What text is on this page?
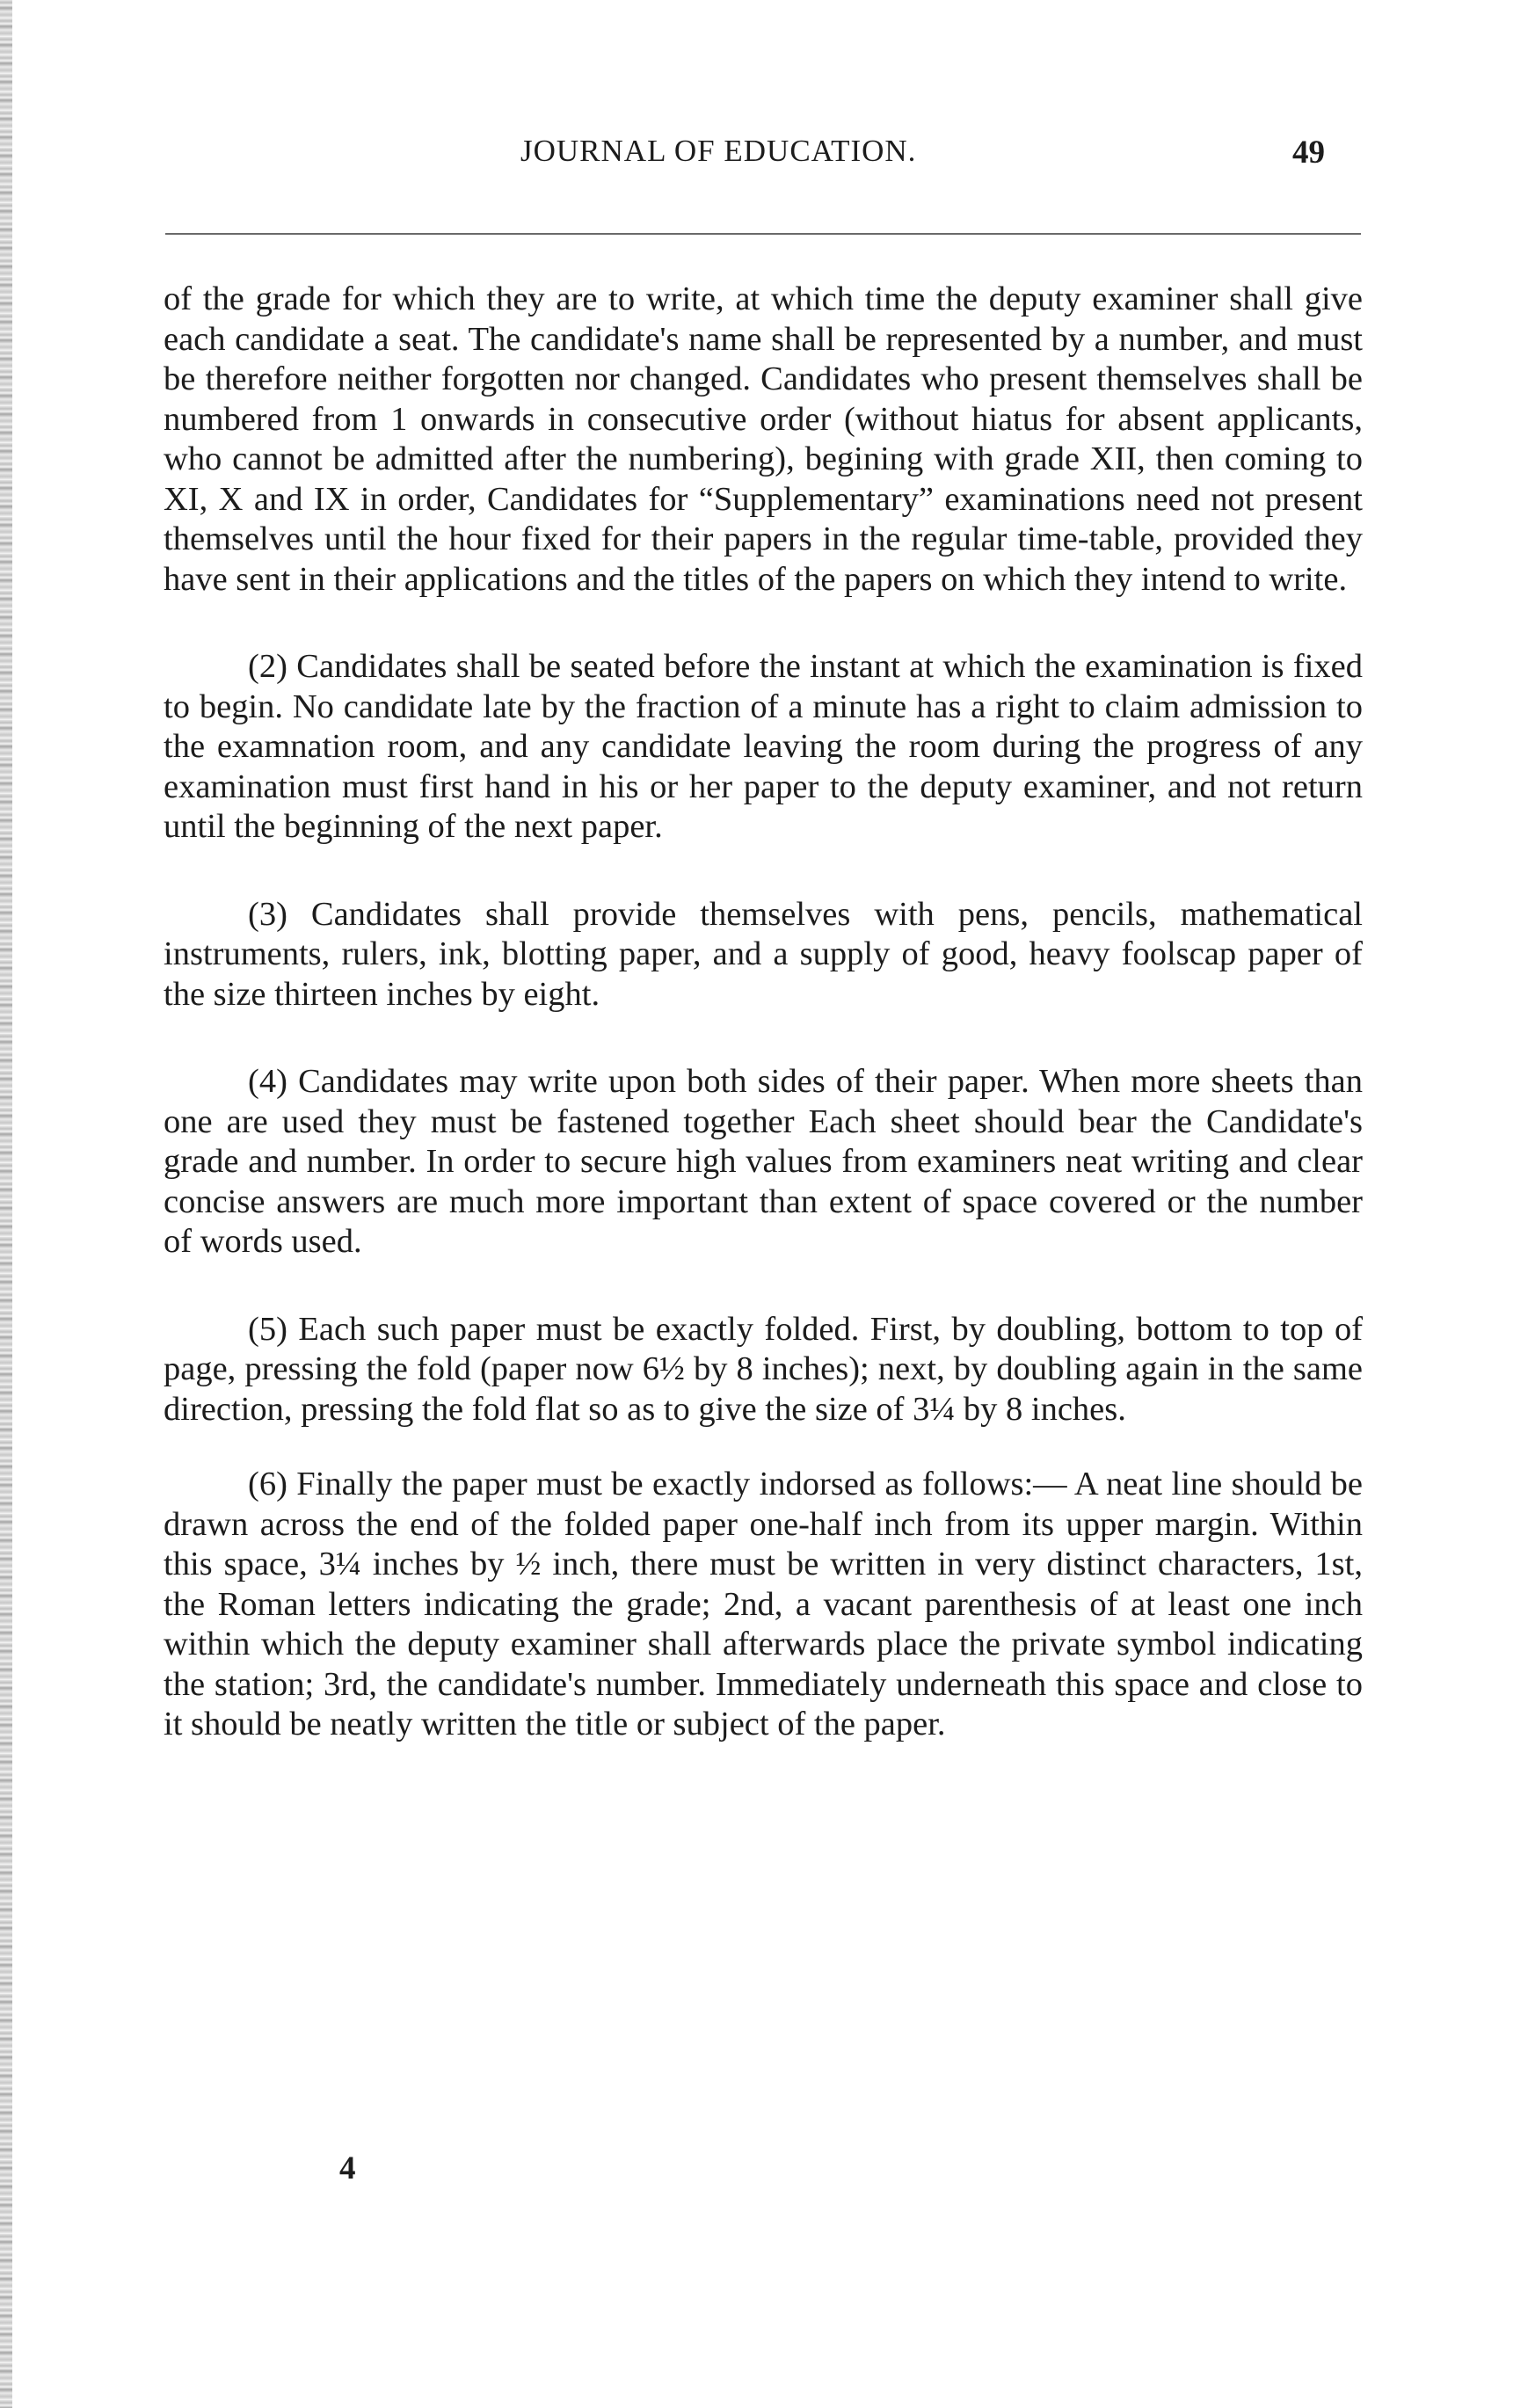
JOURNAL OF EDUCATION.	49

of the grade for which they are to write, at which time the deputy examiner shall give each candidate a seat. The candidate's name shall be represented by a number, and must be therefore neither forgotten nor changed. Candidates who present themselves shall be numbered from 1 onwards in consecutive order (without hiatus for absent applicants, who cannot be admitted after the numbering), begining with grade XII, then coming to XI, X and IX in order, Candidates for “Supplementary” examinations need not present themselves until the hour fixed for their papers in the regular time-table, provided they have sent in their applications and the titles of the papers on which they intend to write.

(2) Candidates shall be seated before the instant at which the examination is fixed to begin. No candidate late by the fraction of a minute has a right to claim admission to the examnation room, and any candidate leaving the room during the progress of any examination must first hand in his or her paper to the deputy examiner, and not return until the beginning of the next paper.

(3) Candidates shall provide themselves with pens, pencils, mathematical instruments, rulers, ink, blotting paper, and a supply of good, heavy foolscap paper of the size thirteen inches by eight.

(4) Candidates may write upon both sides of their paper. When more sheets than one are used they must be fastened together Each sheet should bear the Candidate's grade and number. In order to secure high values from examiners neat writing and clear concise answers are much more important than extent of space covered or the number of words used.

(5) Each such paper must be exactly folded. First, by doubling, bottom to top of page, pressing the fold (paper now 6½ by 8 inches); next, by doubling again in the same direction, pressing the fold flat so as to give the size of 3¼ by 8 inches.

(6) Finally the paper must be exactly indorsed as follows:— A neat line should be drawn across the end of the folded paper one-half inch from its upper margin. Within this space, 3¼ inches by ½ inch, there must be written in very distinct characters, 1st, the Roman letters indicating the grade; 2nd, a vacant parenthesis of at least one inch within which the deputy examiner shall afterwards place the private symbol indicating the station; 3rd, the candidate's number. Immediately underneath this space and close to it should be neatly written the title or subject of the paper.

4
